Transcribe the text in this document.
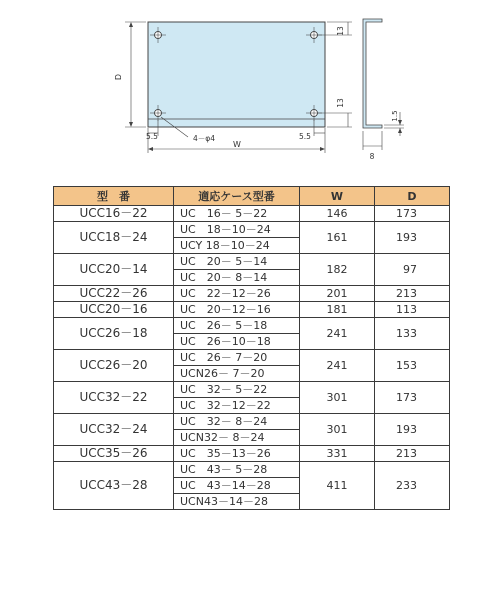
D
13
13
5.5	5.5
W
4－φ4
1.5
8
型　番	適応ケース型番	W	D
UCC16－22	UC　16－ 5－22	146	173
UCC18－24	UC　18－10－24	161	193
	UCY 18－10－24		
UCC20－14	UC　20－ 5－14	182	97
	UC　20－ 8－14		
UCC22－26	UC　22－12－26	201	213
UCC20－16	UC　20－12－16	181	113
UCC26－18	UC　26－ 5－18	241	133
	UC　26－10－18		
UCC26－20	UC　26－ 7－20	241	153
	UCN26－ 7－20		
UCC32－22	UC　32－ 5－22	301	173
	UC　32－12－22		
UCC32－24	UC　32－ 8－24	301	193
	UCN32－ 8－24		
UCC35－26	UC　35－13－26	331	213
UCC43－28	UC　43－ 5－28	411	233
	UC　43－14－28		
	UCN43－14－28		
